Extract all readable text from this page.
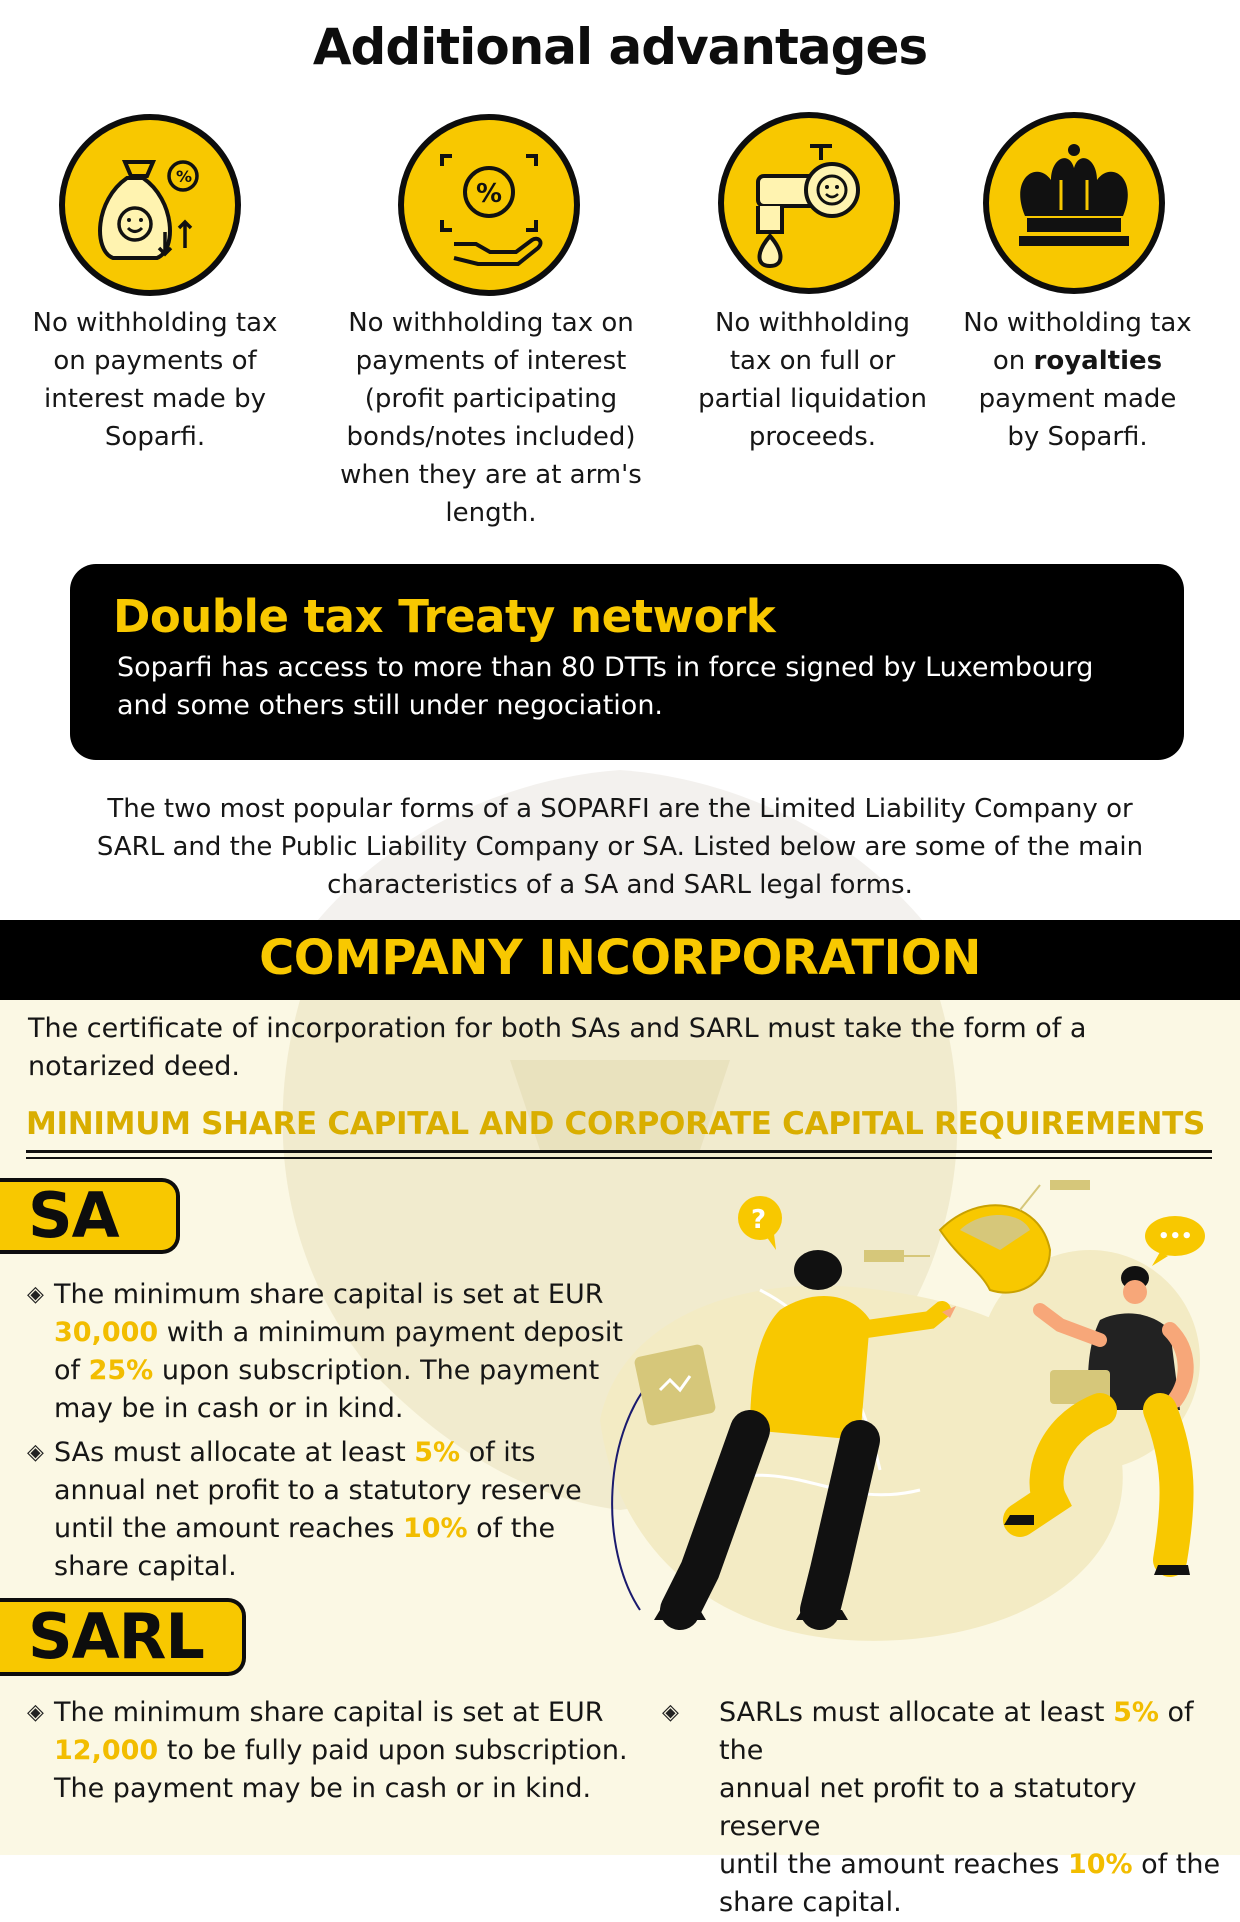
Additional advantages
%
No withholding tax
on payments of
interest made by
Soparfi.
%
No withholding tax on
payments of interest
(profit participating
bonds/notes included)
when they are at arm's
length.
No withholding
tax on full or
partial liquidation
proceeds.
No witholding tax
on royalties
payment made
by Soparfi.
Double tax Treaty network
Soparfi has access to more than 80 DTTs in force signed by Luxembourg
and some others still under negociation.
The two most popular forms of a SOPARFI are the Limited Liability Company or
SARL and the Public Liability Company or SA. Listed below are some of the main
characteristics of a SA and SARL legal forms.
COMPANY INCORPORATION
The certificate of incorporation for both SAs and SARL must take the form of a
notarized deed.
MINIMUM SHARE CAPITAL AND CORPORATE CAPITAL REQUIREMENTS
SA
◈ The minimum share capital is set at EUR
30,000 with a minimum payment deposit
of 25% upon subscription. The payment
may be in cash or in kind.
◈ SAs must allocate at least 5% of its
annual net profit to a statutory reserve
until the amount reaches 10% of the
share capital.
SARL
◈ The minimum share capital is set at EUR
12,000 to be fully paid upon subscription.
The payment may be in cash or in kind.
◈ SARLs must allocate at least 5% of the
annual net profit to a statutory reserve
until the amount reaches 10% of the
share capital.
?
•••
